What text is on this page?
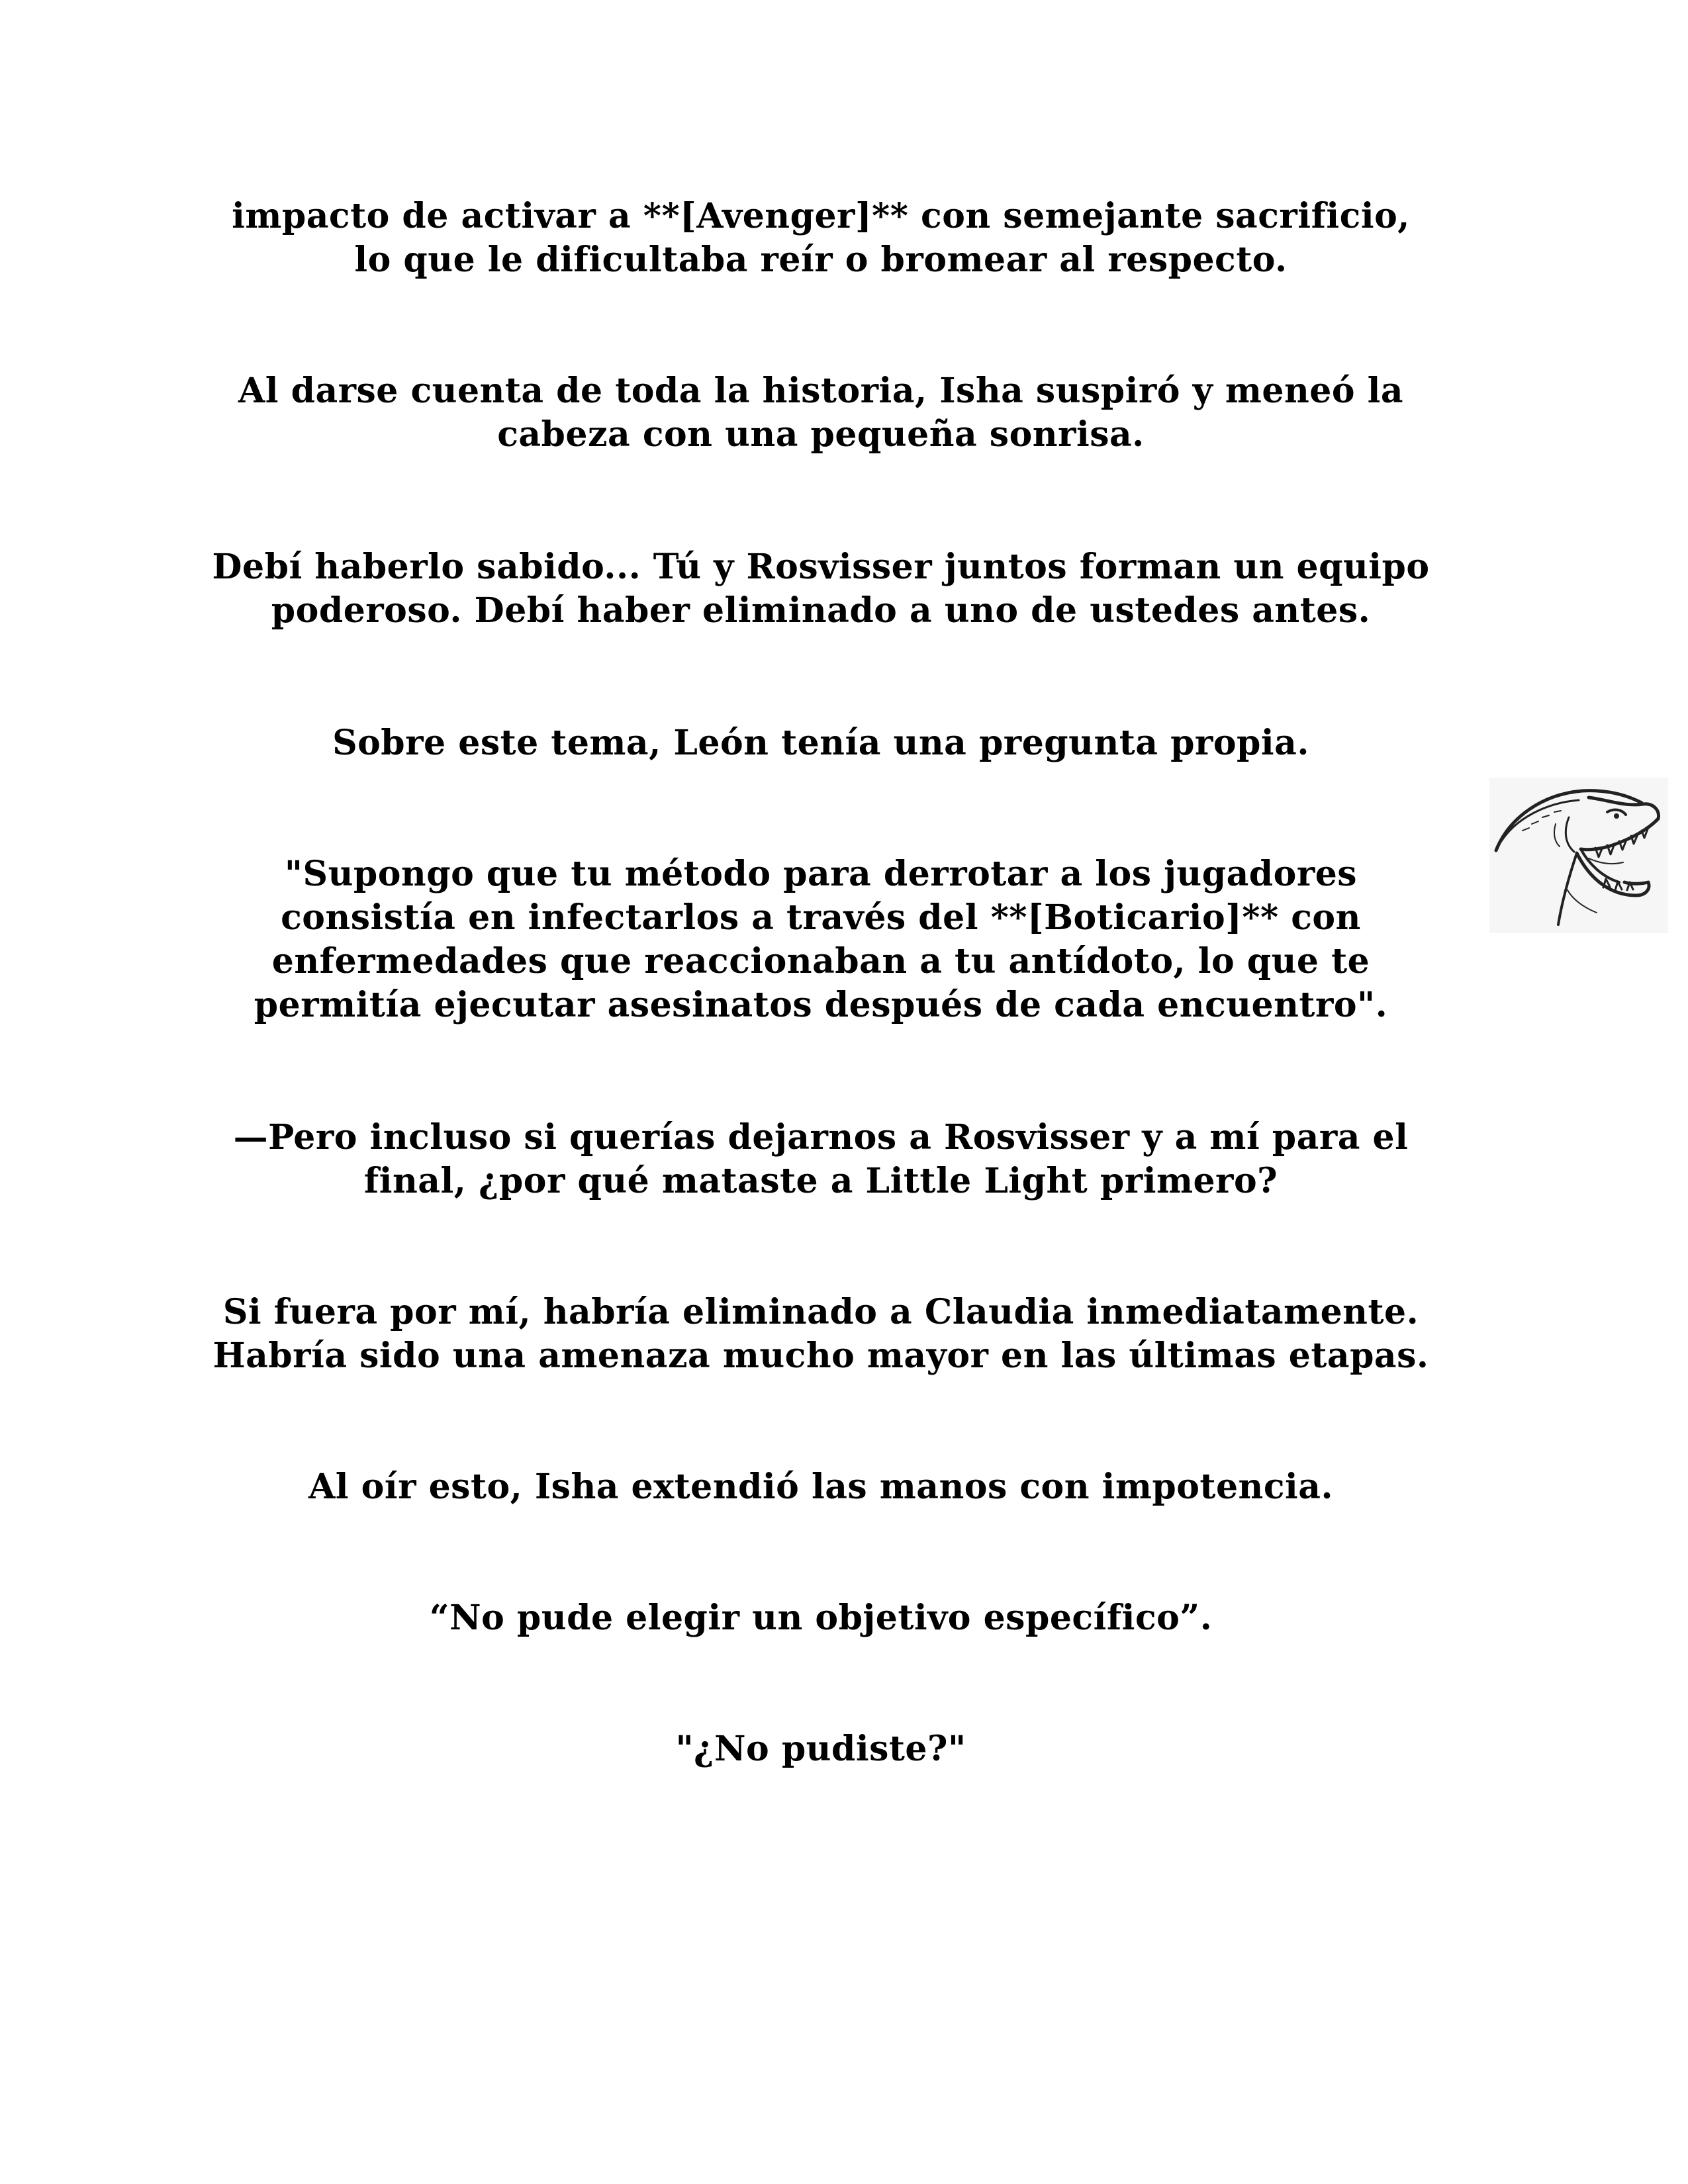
impacto de activar a **[Avenger]** con semejante sacrificio,
lo que le dificultaba reír o bromear al respecto.

Al darse cuenta de toda la historia, Isha suspiró y meneó la
cabeza con una pequeña sonrisa.

Debí haberlo sabido... Tú y Rosvisser juntos forman un equipo
poderoso. Debí haber eliminado a uno de ustedes antes.

Sobre este tema, León tenía una pregunta propia.

"Supongo que tu método para derrotar a los jugadores
consistía en infectarlos a través del **[Boticario]** con
enfermedades que reaccionaban a tu antídoto, lo que te
permitía ejecutar asesinatos después de cada encuentro".

—Pero incluso si querías dejarnos a Rosvisser y a mí para el
final, ¿por qué mataste a Little Light primero?

Si fuera por mí, habría eliminado a Claudia inmediatamente.
Habría sido una amenaza mucho mayor en las últimas etapas.

Al oír esto, Isha extendió las manos con impotencia.

“No pude elegir un objetivo específico”.

"¿No pudiste?"
